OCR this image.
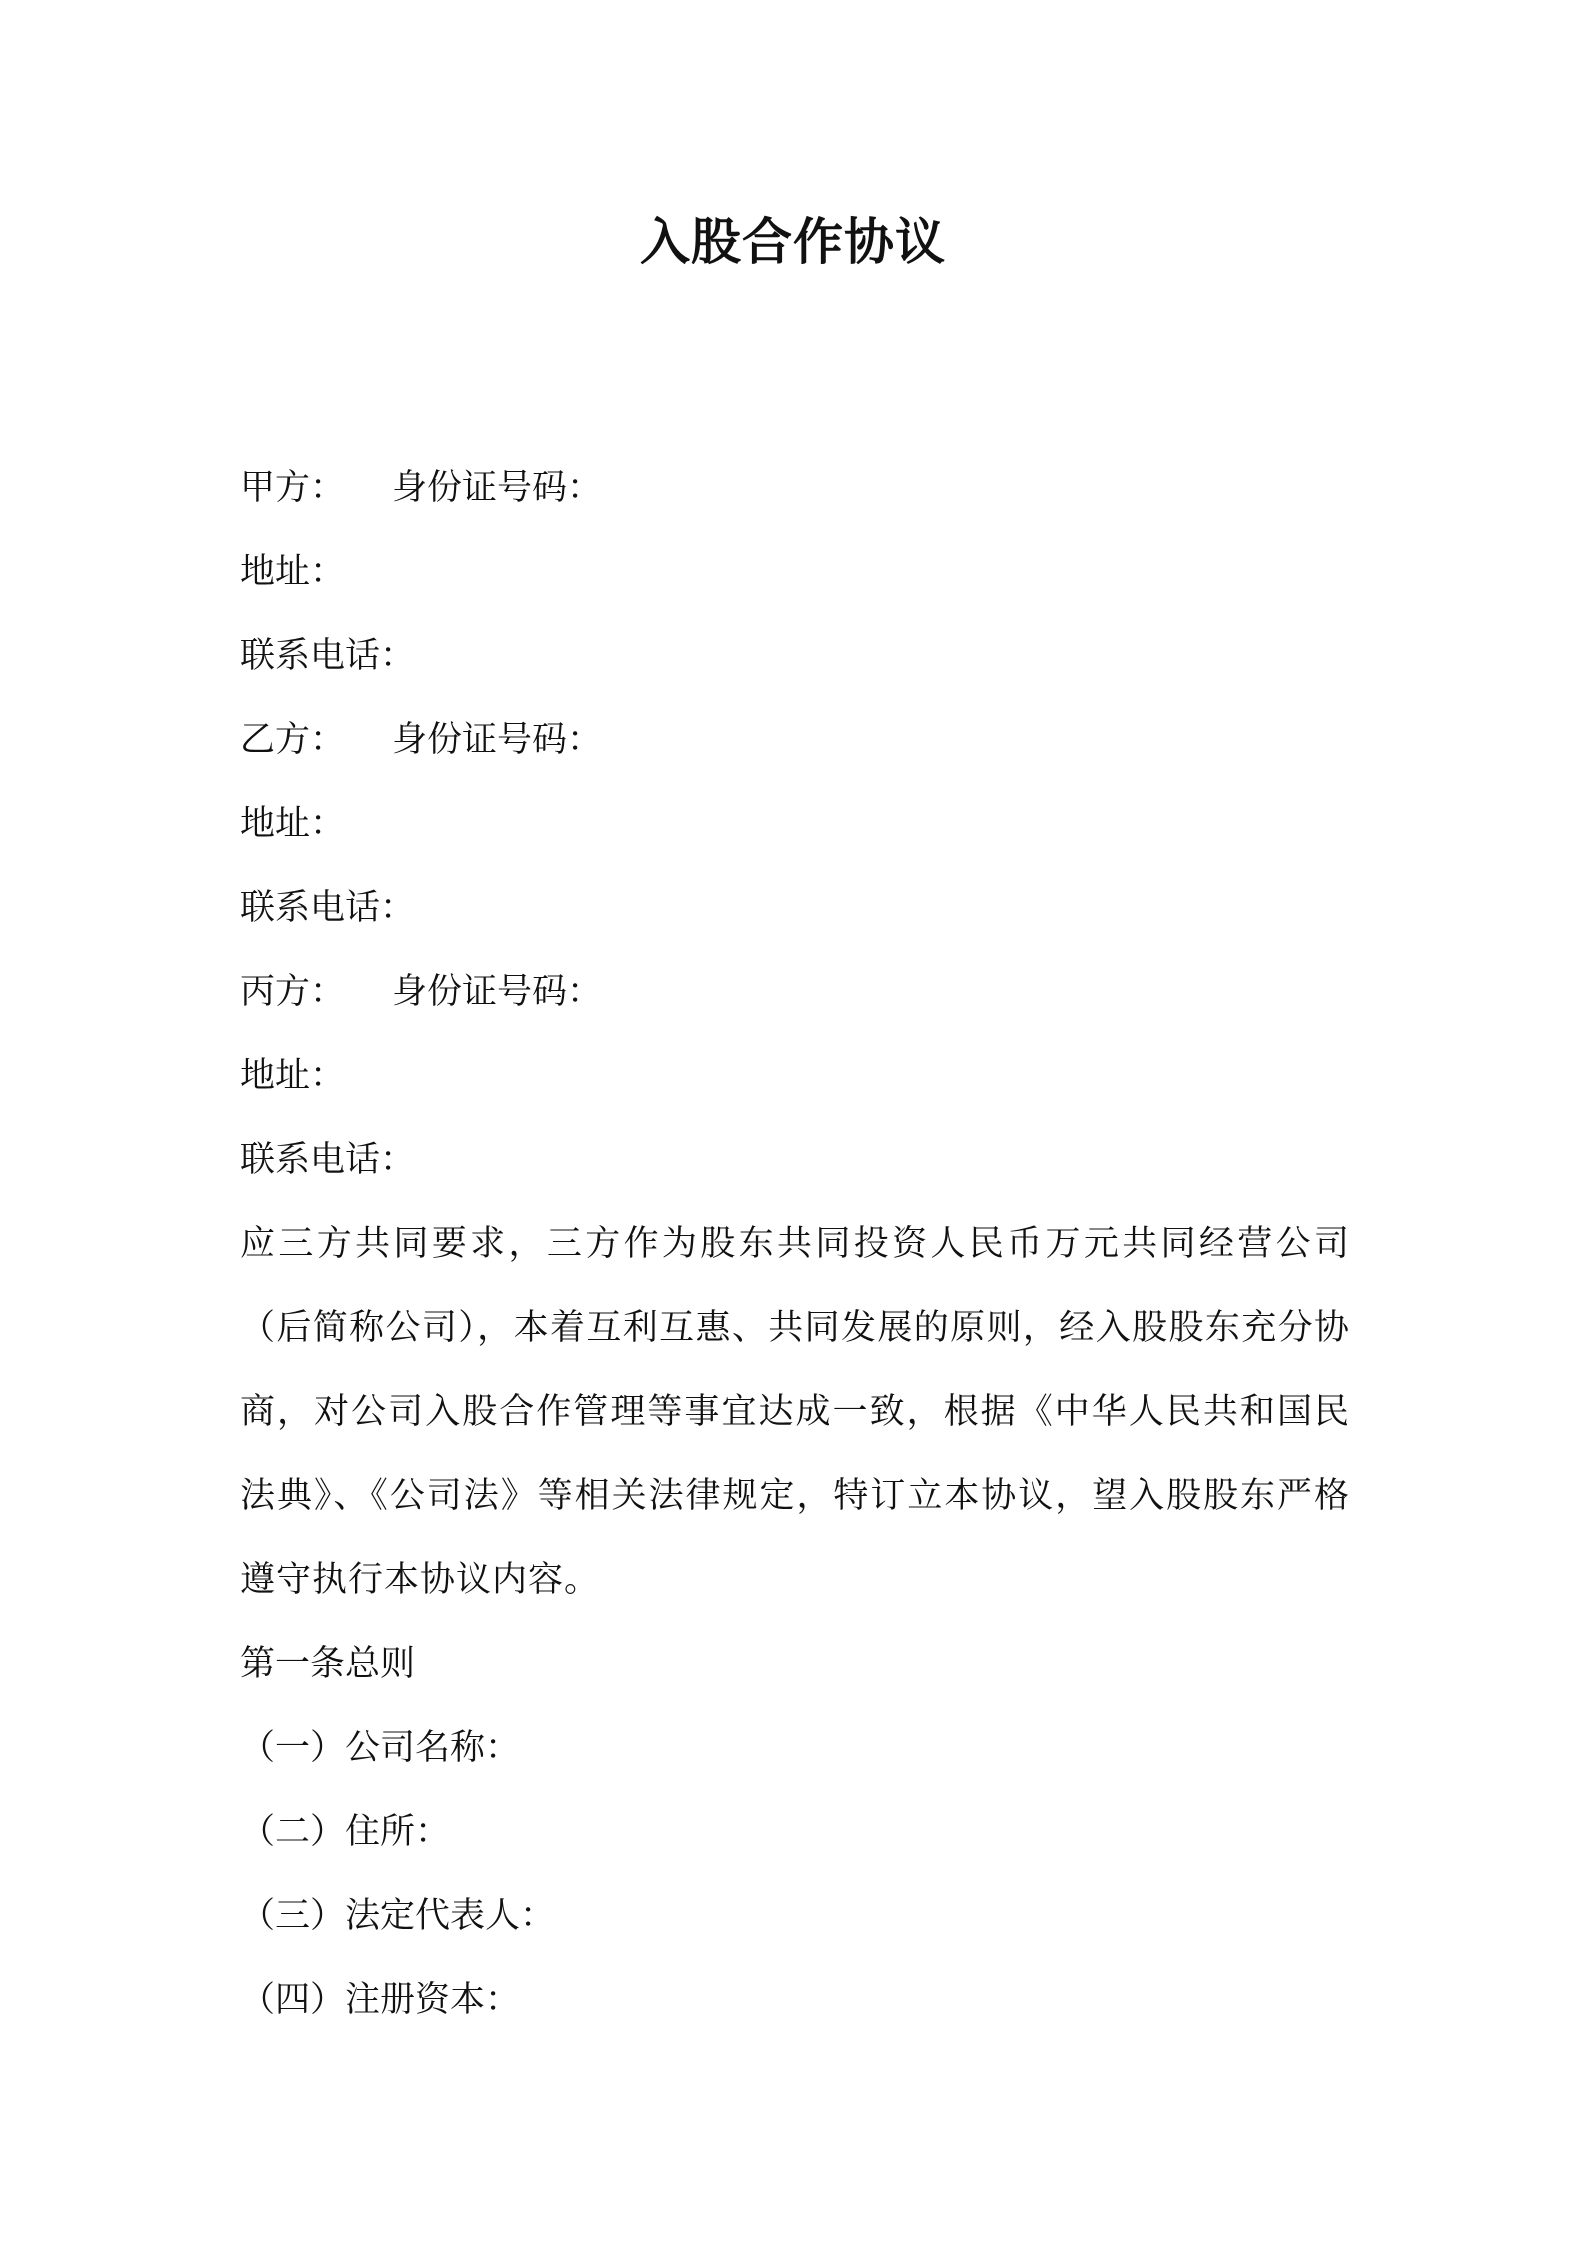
入股合作协议
甲方： 身份证号码：
地址：
联系电话：
乙方： 身份证号码：
地址：
联系电话：
丙方： 身份证号码：
地址：
联系电话：
应三方共同要求，三方作为股东共同投资人民币万元共同经营公司（后简称公司），本着互利互惠、共同发展的原则，经入股股东充分协商，对公司入股合作管理等事宜达成一致，根据《中华人民共和国民法典》、《公司法》等相关法律规定，特订立本协议，望入股股东严格遵守执行本协议内容。
第一条总则
（一）公司名称：
（二）住所：
（三）法定代表人：
（四）注册资本：
